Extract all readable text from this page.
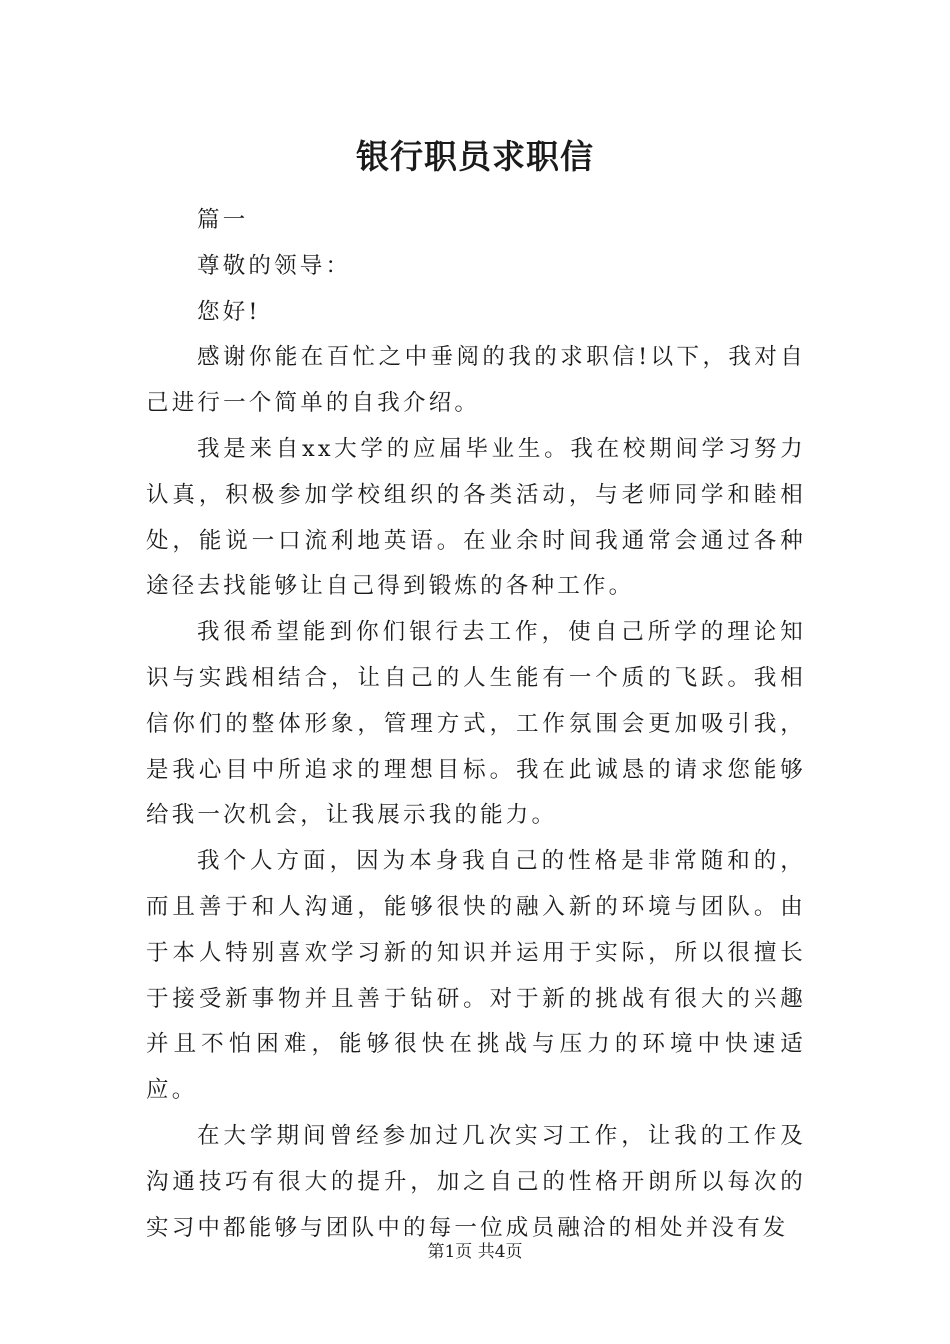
银行职员求职信

篇一

尊敬的领导：

您好!

感谢你能在百忙之中垂阅的我的求职信!以下，我对自己进行一个简单的自我介绍。

我是来自xx大学的应届毕业生。我在校期间学习努力认真，积极参加学校组织的各类活动，与老师同学和睦相处，能说一口流利地英语。在业余时间我通常会通过各种途径去找能够让自己得到锻炼的各种工作。

我很希望能到你们银行去工作，使自己所学的理论知识与实践相结合，让自己的人生能有一个质的飞跃。我相信你们的整体形象，管理方式，工作氛围会更加吸引我，是我心目中所追求的理想目标。我在此诚恳的请求您能够给我一次机会，让我展示我的能力。

我个人方面，因为本身我自己的性格是非常随和的，而且善于和人沟通，能够很快的融入新的环境与团队。由于本人特别喜欢学习新的知识并运用于实际，所以很擅长于接受新事物并且善于钻研。对于新的挑战有很大的兴趣并且不怕困难，能够很快在挑战与压力的环境中快速适应。

在大学期间曾经参加过几次实习工作，让我的工作及沟通技巧有很大的提升，加之自己的性格开朗所以每次的实习中都能够与团队中的每一位成员融洽的相处并没有发

第1页 共4页
